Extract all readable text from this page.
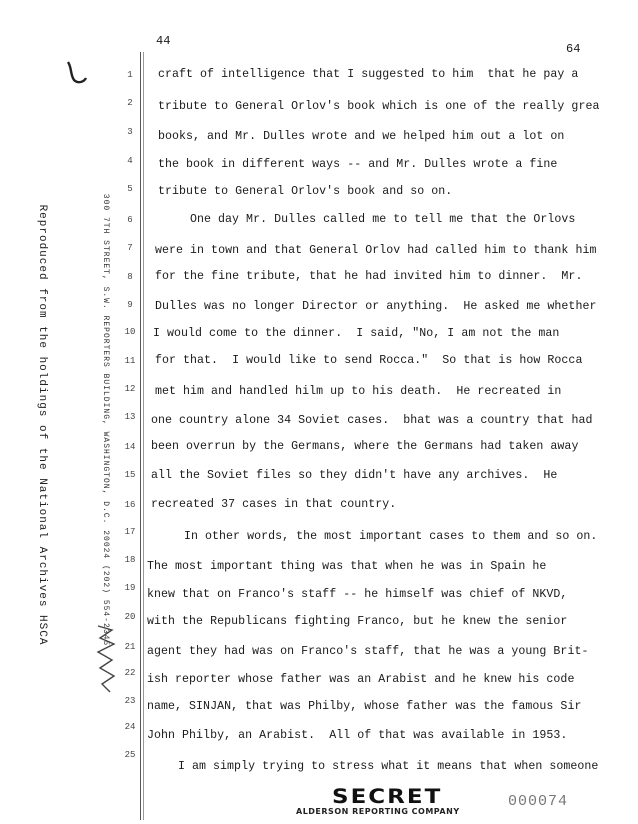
44
64
Reproduced from the holdings of the National Archives HSCA	300 7TH STREET, S.W. REPORTERS BUILDING, WASHINGTON, D.C. 20024 (202) 554-2345
1
2
3
4
5
6
7
8
9
10
11
12
13
14
15
16
17
18
19
20
21
22
23
24
25
craft of intelligence that I suggested to him  that he pay a
tribute to General Orlov's book which is one of the really grea
books, and Mr. Dulles wrote and we helped him out a lot on
the book in different ways -- and Mr. Dulles wrote a fine
tribute to General Orlov's book and so on.
One day Mr. Dulles called me to tell me that the Orlovs
were in town and that General Orlov had called him to thank him
for the fine tribute, that he had invited him to dinner.  Mr.
Dulles was no longer Director or anything.  He asked me whether
I would come to the dinner.  I said, "No, I am not the man
for that.  I would like to send Rocca."  So that is how Rocca
met him and handled hilm up to his death.  He recreated in
one country alone 34 Soviet cases.  bhat was a country that had
been overrun by the Germans, where the Germans had taken away
all the Soviet files so they didn't have any archives.  He
recreated 37 cases in that country.
In other words, the most important cases to them and so on.
The most important thing was that when he was in Spain he
knew that on Franco's staff -- he himself was chief of NKVD,
with the Republicans fighting Franco, but he knew the senior
agent they had was on Franco's staff, that he was a young Brit-
ish reporter whose father was an Arabist and he knew his code
name, SINJAN, that was Philby, whose father was the famous Sir
John Philby, an Arabist.  All of that was available in 1953.
I am simply trying to stress what it means that when someone
SECRET
ALDERSON REPORTING COMPANY
000074
